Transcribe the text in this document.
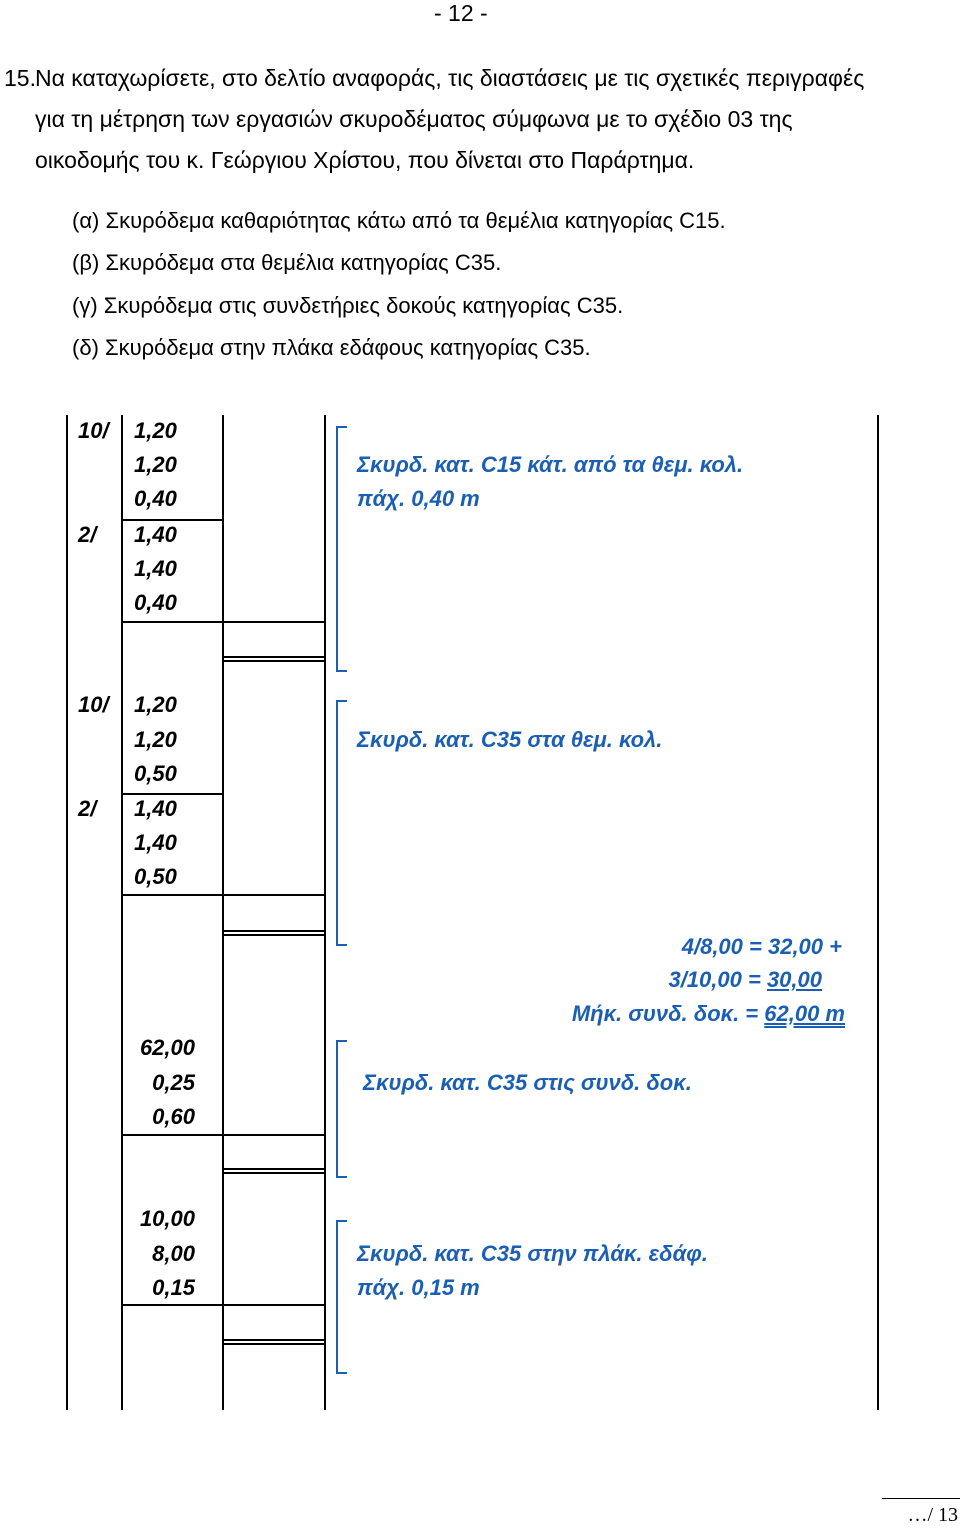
- 12 -
15. Να καταχωρίσετε, στο δελτίο αναφοράς, τις διαστάσεις με τις σχετικές περιγραφές
για τη μέτρηση των εργασιών σκυροδέματος σύμφωνα με το σχέδιο 03 της
οικοδομής του κ. Γεώργιου Χρίστου, που δίνεται στο Παράρτημα.
(α) Σκυρόδεμα καθαριότητας κάτω από τα θεμέλια κατηγορίας C15.
(β) Σκυρόδεμα στα θεμέλια κατηγορίας C35.
(γ) Σκυρόδεμα στις συνδετήριες δοκούς κατηγορίας C35.
(δ) Σκυρόδεμα στην πλάκα εδάφους κατηγορίας C35.
10/
2/
1,20
1,20
0,40
1,40
1,40
0,40
Σκυρδ. κατ. C15 κάτ. από τα θεμ. κολ.
πάχ. 0,40 m
10/
2/
1,20
1,20
0,50
1,40
1,40
0,50
Σκυρδ. κατ. C35 στα θεμ. κολ.
4/8,00 = 32,00 +
3/10,00 = 30,00
Μήκ. συνδ. δοκ. = 62,00 m
62,00
0,25
0,60
Σκυρδ. κατ. C35 στις συνδ. δοκ.
10,00
8,00
0,15
Σκυρδ. κατ. C35 στην πλάκ. εδάφ.
πάχ. 0,15 m
…/ 13
